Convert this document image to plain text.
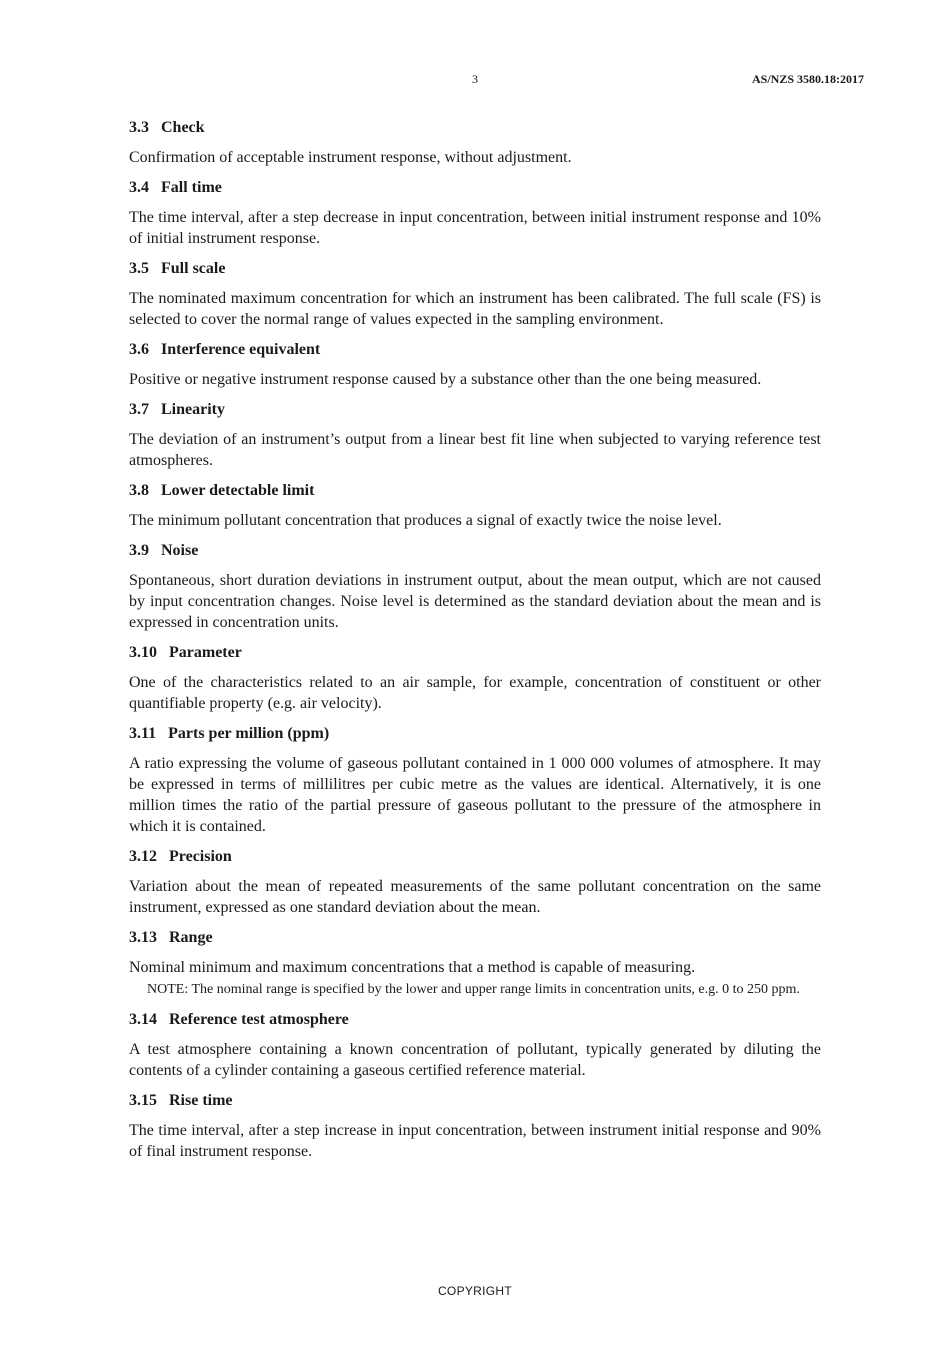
3	AS/NZS 3580.18:2017
3.3 Check

Confirmation of acceptable instrument response, without adjustment.

3.4 Fall time

The time interval, after a step decrease in input concentration, between initial instrument response and 10% of initial instrument response.

3.5 Full scale

The nominated maximum concentration for which an instrument has been calibrated. The full scale (FS) is selected to cover the normal range of values expected in the sampling environment.

3.6 Interference equivalent

Positive or negative instrument response caused by a substance other than the one being measured.

3.7 Linearity

The deviation of an instrument’s output from a linear best fit line when subjected to varying reference test atmospheres.

3.8 Lower detectable limit

The minimum pollutant concentration that produces a signal of exactly twice the noise level.

3.9 Noise

Spontaneous, short duration deviations in instrument output, about the mean output, which are not caused by input concentration changes. Noise level is determined as the standard deviation about the mean and is expressed in concentration units.

3.10 Parameter

One of the characteristics related to an air sample, for example, concentration of constituent or other quantifiable property (e.g. air velocity).

3.11 Parts per million (ppm)

A ratio expressing the volume of gaseous pollutant contained in 1 000 000 volumes of atmosphere. It may be expressed in terms of millilitres per cubic metre as the values are identical. Alternatively, it is one million times the ratio of the partial pressure of gaseous pollutant to the pressure of the atmosphere in which it is contained.

3.12 Precision

Variation about the mean of repeated measurements of the same pollutant concentration on the same instrument, expressed as one standard deviation about the mean.

3.13 Range

Nominal minimum and maximum concentrations that a method is capable of measuring.

NOTE: The nominal range is specified by the lower and upper range limits in concentration units, e.g. 0 to 250 ppm.

3.14 Reference test atmosphere

A test atmosphere containing a known concentration of pollutant, typically generated by diluting the contents of a cylinder containing a gaseous certified reference material.

3.15 Rise time

The time interval, after a step increase in input concentration, between instrument initial response and 90% of final instrument response.

COPYRIGHT
